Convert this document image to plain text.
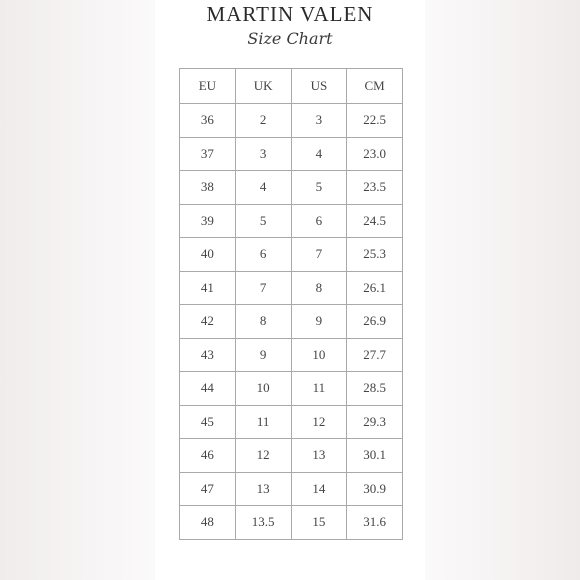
MARTIN VALEN
Size Chart
EU	UK	US	CM
36	2	3	22.5
37	3	4	23.0
38	4	5	23.5
39	5	6	24.5
40	6	7	25.3
41	7	8	26.1
42	8	9	26.9
43	9	10	27.7
44	10	11	28.5
45	11	12	29.3
46	12	13	30.1
47	13	14	30.9
48	13.5	15	31.6
